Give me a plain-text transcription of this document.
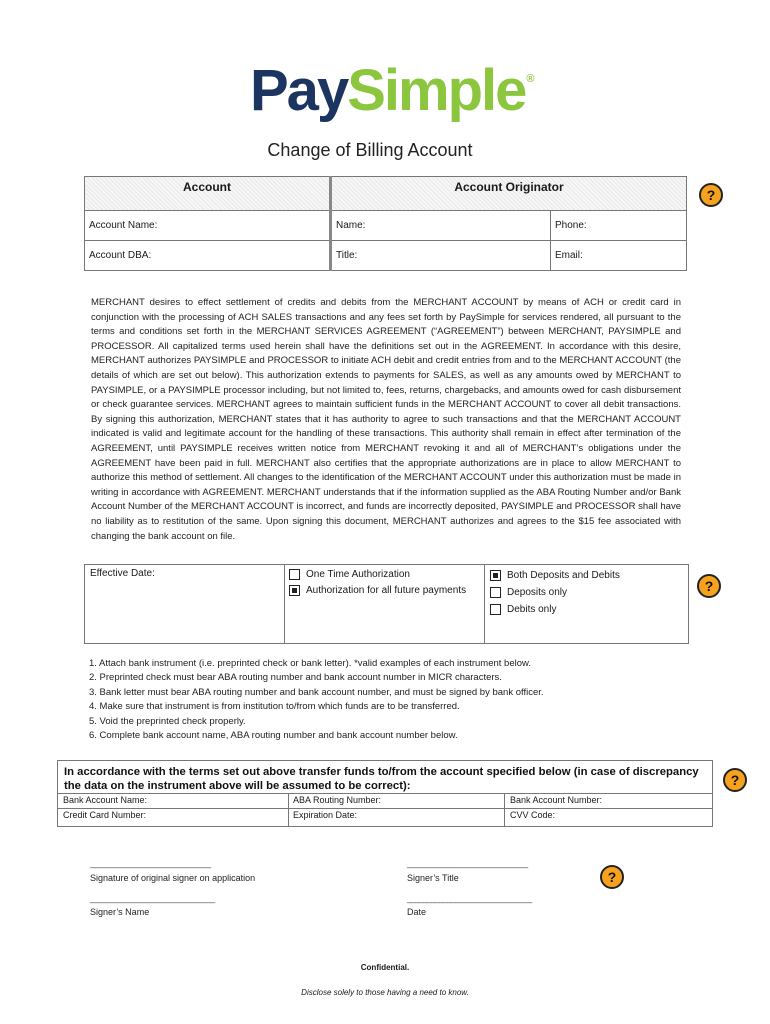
PaySimple®
Change of Billing Account
Account	Account Originator	
Account Name:	Name:	Phone:
Account DBA:	Title:	Email:
?
MERCHANT desires to effect settlement of credits and debits from the MERCHANT ACCOUNT by means of ACH or credit card in conjunction with the processing of ACH SALES transactions and any fees set forth by PaySimple for services rendered, all pursuant to the terms and conditions set forth in the MERCHANT SERVICES AGREEMENT (“AGREEMENT”) between MERCHANT, PAYSIMPLE and PROCESSOR. All capitalized terms used herein shall have the definitions set out in the AGREEMENT. In accordance with this desire, MERCHANT authorizes PAYSIMPLE and PROCESSOR to initiate ACH debit and credit entries from and to the MERCHANT ACCOUNT (the details of which are set out below). This authorization extends to payments for SALES, as well as any amounts owed by MERCHANT to PAYSIMPLE, or a PAYSIMPLE processor including, but not limited to, fees, returns, chargebacks, and amounts owed for cash disbursement or check guarantee services. MERCHANT agrees to maintain sufficient funds in the MERCHANT ACCOUNT to cover all debit transactions. By signing this authorization, MERCHANT states that it has authority to agree to such transactions and that the MERCHANT ACCOUNT indicated is valid and legitimate account for the handling of these transactions. This authority shall remain in effect after termination of the AGREEMENT, until PAYSIMPLE receives written notice from MERCHANT revoking it and all of MERCHANT’s obligations under the AGREEMENT have been paid in full. MERCHANT also certifies that the appropriate authorizations are in place to allow MERCHANT to authorize this method of settlement. All changes to the identification of the MERCHANT ACCOUNT under this authorization must be made in writing in accordance with AGREEMENT. MERCHANT understands that if the information supplied as the ABA Routing Number and/or Bank Account Number of the MERCHANT ACCOUNT is incorrect, and funds are incorrectly deposited, PAYSIMPLE and PROCESSOR shall have no liability as to restitution of the same. Upon signing this document, MERCHANT authorizes and agrees to the $15 fee associated with changing the bank account on file.
Effective Date:	One Time Authorization
Authorization for all future payments
Both Deposits and Debits
Deposits only
Debits only
?
1. Attach bank instrument (i.e. preprinted check or bank letter). *valid examples of each instrument below.
2. Preprinted check must bear ABA routing number and bank account number in MICR characters.
3. Bank letter must bear ABA routing number and bank account number, and must be signed by bank officer.
4. Make sure that instrument is from institution to/from which funds are to be transferred.
5. Void the preprinted check properly.
6. Complete bank account name, ABA routing number and bank account number below.
In accordance with the terms set out above transfer funds to/from the account specified below (in case of discrepancy the data on the instrument above will be assumed to be correct):
Bank Account Name:	ABA Routing Number:	Bank Account Number:
Credit Card Number:	Expiration Date:	CVV Code:
?
______________________________
Signature of original signer on application
______________________________
Signer’s Title	?
_______________________________
Signer’s Name
_______________________________
Date
Confidential.
Disclose solely to those having a need to know.
